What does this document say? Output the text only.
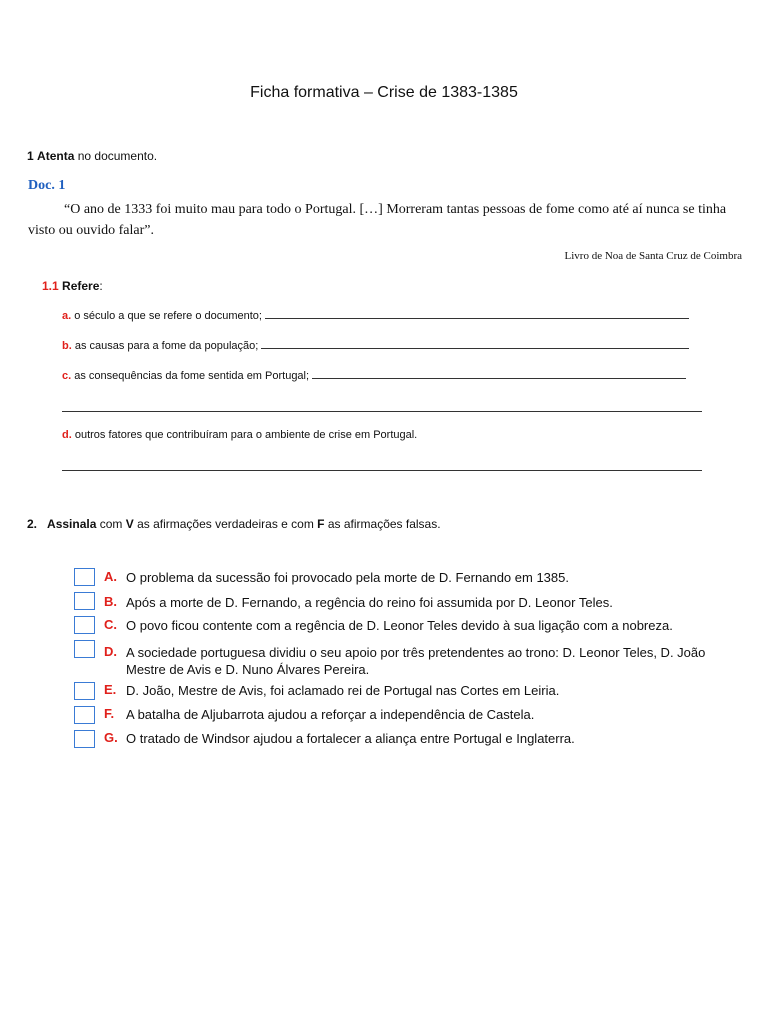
Ficha formativa – Crise de 1383-1385
1 Atenta no documento.
Doc. 1
“O ano de 1333 foi muito mau para todo o Portugal. […] Morreram tantas pessoas de fome como até aí nunca se tinha visto ou ouvido falar”.
Livro de Noa de Santa Cruz de Coimbra
1.1 Refere:
a. o século a que se refere o documento;
b. as causas para a fome da população;
c. as consequências da fome sentida em Portugal;
d. outros fatores que contribuíram para o ambiente de crise em Portugal.
2. Assinala com V as afirmações verdadeiras e com F as afirmações falsas.
A. O problema da sucessão foi provocado pela morte de D. Fernando em 1385.
B. Após a morte de D. Fernando, a regência do reino foi assumida por D. Leonor Teles.
C. O povo ficou contente com a regência de D. Leonor Teles devido à sua ligação com a nobreza.
D. A sociedade portuguesa dividiu o seu apoio por três pretendentes ao trono: D. Leonor Teles, D. João Mestre de Avis e D. Nuno Álvares Pereira.
E. D. João, Mestre de Avis, foi aclamado rei de Portugal nas Cortes em Leiria.
F. A batalha de Aljubarrota ajudou a reforçar a independência de Castela.
G. O tratado de Windsor ajudou a fortalecer a aliança entre Portugal e Inglaterra.
